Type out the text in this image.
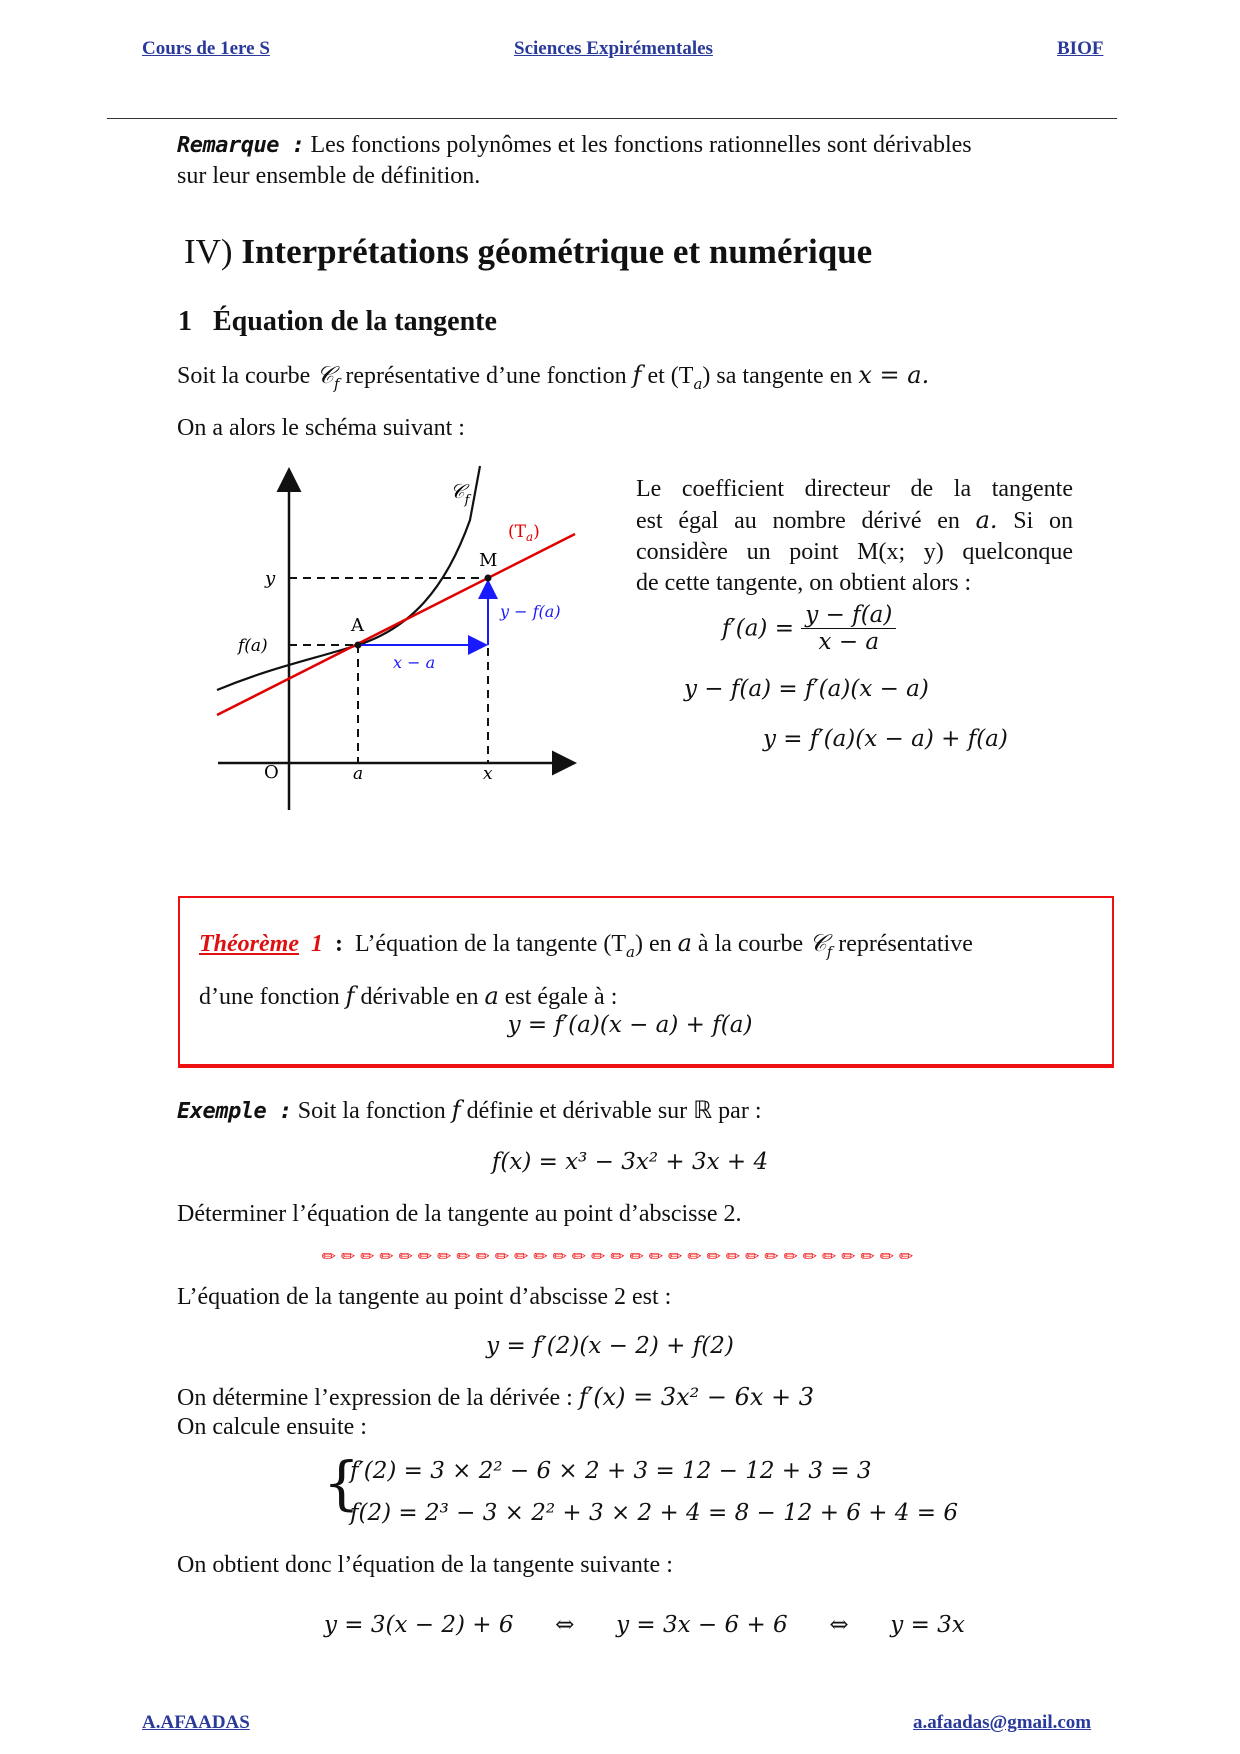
Cours de 1ere S	Sciences Expirémentales	BIOF
Remarque : Les fonctions polynômes et les fonctions rationnelles sont dérivables
sur leur ensemble de définition.
IV) Interprétations géométrique et numérique
1 Équation de la tangente
Soit la courbe 𝒞$_f$ représentative d’une fonction f et $(T_a)$ sa tangente en x = a.
On a alors le schéma suivant :
𝒞$_f$
$(T_a)$
M
A
O	a	x
y
f(a)
x − a
y − f(a)
Le coefficient directeur de la tangente
est égal au nombre dérivé en a. Si on
considère un point M(x; y) quelconque
de cette tangente, on obtient alors :
$f'(a) = \frac{y - f(a)}{x - a}$
y − f(a) = f′(a)(x − a)
y = f′(a)(x − a) + f(a)
Théorème 1 : L’équation de la tangente $(T_a)$ en a à la courbe 𝒞$_f$ représentative
d’une fonction f dérivable en a est égale à :
y = f′(a)(x − a) + f(a)
Exemple : Soit la fonction f définie et dérivable sur ℝ par :
f(x) = x³ − 3x² + 3x + 4
Déterminer l’équation de la tangente au point d’abscisse 2.
✏✏✏✏✏✏✏✏✏✏✏✏✏✏✏✏✏✏✏✏✏✏✏✏✏✏✏✏✏✏✏
L’équation de la tangente au point d’abscisse 2 est :
y = f′(2)(x − 2) + f(2)
On détermine l’expression de la dérivée : f′(x) = 3x² − 6x + 3
On calcule ensuite :
{
f′(2) = 3 × 2² − 6 × 2 + 3 = 12 − 12 + 3 = 3
f(2) = 2³ − 3 × 2² + 3 × 2 + 4 = 8 − 12 + 6 + 4 = 6
On obtient donc l’équation de la tangente suivante :
y = 3(x − 2) + 6 ⇔ y = 3x − 6 + 6 ⇔ y = 3x
A.AFAADAS	a.afaadas@gmail.com
